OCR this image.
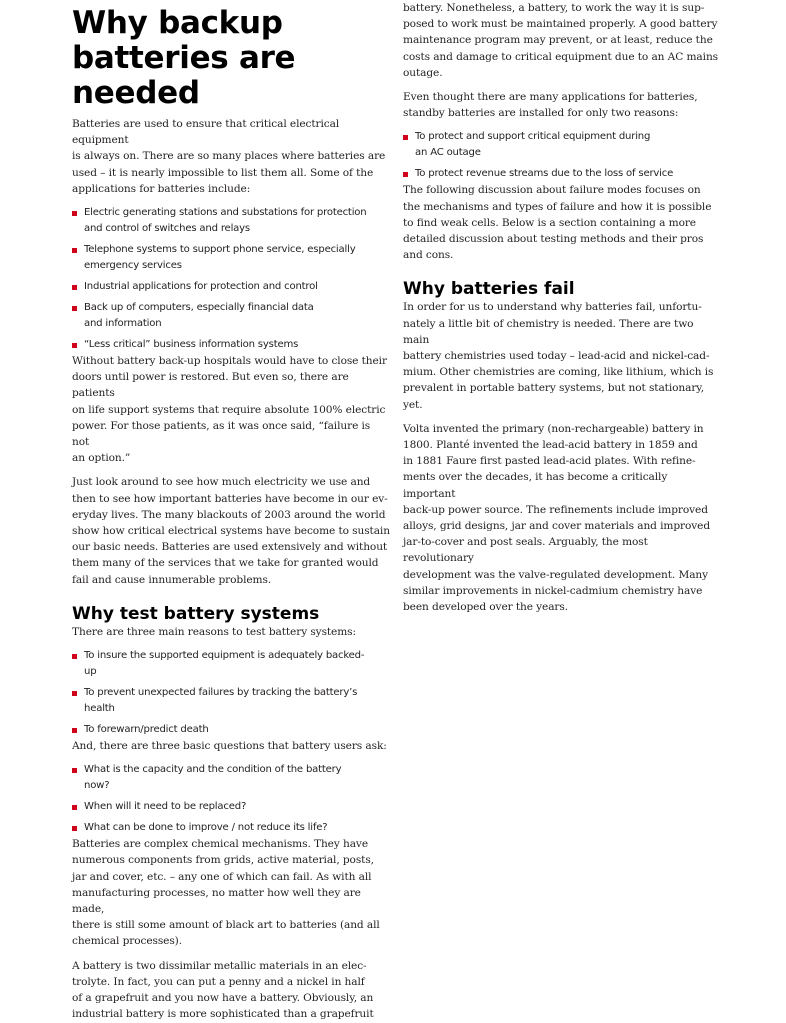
Why backup
batteries are
needed
Batteries are used to ensure that critical electrical equipment
is always on. There are so many places where batteries are
used – it is nearly impossible to list them all. Some of the
applications for batteries include:
Electric generating stations and substations for protection
and control of switches and relays
Telephone systems to support phone service, especially
emergency services
Industrial applications for protection and control
Back up of computers, especially financial data
and information
“Less critical” business information systems
Without battery back-up hospitals would have to close their
doors until power is restored. But even so, there are patients
on life support systems that require absolute 100% electric
power. For those patients, as it was once said, “failure is not
an option.”
Just look around to see how much electricity we use and
then to see how important batteries have become in our ev-
eryday lives. The many blackouts of 2003 around the world
show how critical electrical systems have become to sustain
our basic needs. Batteries are used extensively and without
them many of the services that we take for granted would
fail and cause innumerable problems.
Why test battery systems
There are three main reasons to test battery systems:
To insure the supported equipment is adequately backed-
up
To prevent unexpected failures by tracking the battery’s
health
To forewarn/predict death
And, there are three basic questions that battery users ask:
What is the capacity and the condition of the battery
now?
When will it need to be replaced?
What can be done to improve / not reduce its life?
Batteries are complex chemical mechanisms. They have
numerous components from grids, active material, posts,
jar and cover, etc. – any one of which can fail. As with all
manufacturing processes, no matter how well they are made,
there is still some amount of black art to batteries (and all
chemical processes).
A battery is two dissimilar metallic materials in an elec-
trolyte. In fact, you can put a penny and a nickel in half
of a grapefruit and you now have a battery. Obviously, an
industrial battery is more sophisticated than a grapefruit
battery. Nonetheless, a battery, to work the way it is sup-
posed to work must be maintained properly. A good battery
maintenance program may prevent, or at least, reduce the
costs and damage to critical equipment due to an AC mains
outage.
Even thought there are many applications for batteries,
standby batteries are installed for only two reasons:
To protect and support critical equipment during
an AC outage
To protect revenue streams due to the loss of service
The following discussion about failure modes focuses on
the mechanisms and types of failure and how it is possible
to find weak cells. Below is a section containing a more
detailed discussion about testing methods and their pros
and cons.
Why batteries fail
In order for us to understand why batteries fail, unfortu-
nately a little bit of chemistry is needed. There are two main
battery chemistries used today – lead-acid and nickel-cad-
mium. Other chemistries are coming, like lithium, which is
prevalent in portable battery systems, but not stationary, yet.
Volta invented the primary (non-rechargeable) battery in
1800. Planté invented the lead-acid battery in 1859 and
in 1881 Faure first pasted lead-acid plates. With refine-
ments over the decades, it has become a critically important
back-up power source. The refinements include improved
alloys, grid designs, jar and cover materials and improved
jar-to-cover and post seals. Arguably, the most revolutionary
development was the valve-regulated development. Many
similar improvements in nickel-cadmium chemistry have
been developed over the years.
